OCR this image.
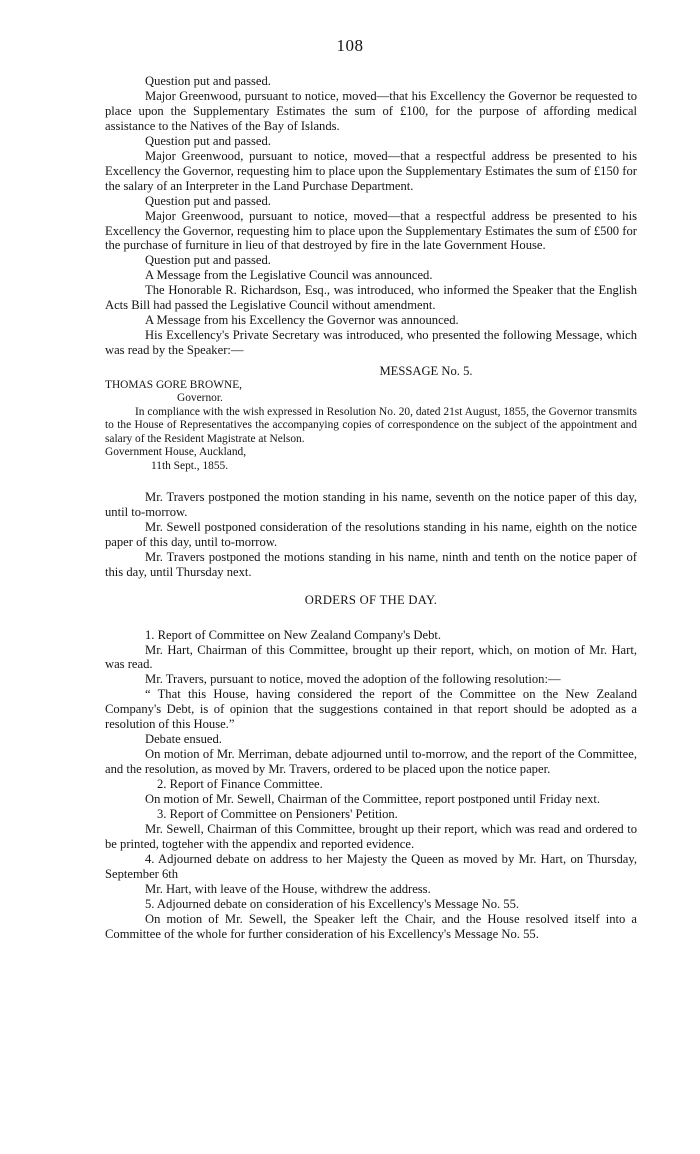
108

Question put and passed.

Major Greenwood, pursuant to notice, moved—that his Excellency the Governor be requested to place upon the Supplementary Estimates the sum of £100, for the purpose of affording medical assistance to the Natives of the Bay of Islands.

Question put and passed.

Major Greenwood, pursuant to notice, moved—that a respectful address be presented to his Excellency the Governor, requesting him to place upon the Supplementary Estimates the sum of £150 for the salary of an Interpreter in the Land Purchase Department.

Question put and passed.

Major Greenwood, pursuant to notice, moved—that a respectful address be presented to his Excellency the Governor, requesting him to place upon the Supplementary Estimates the sum of £500 for the purchase of furniture in lieu of that destroyed by fire in the late Government House.

Question put and passed.

A Message from the Legislative Council was announced.

The Honorable R. Richardson, Esq., was introduced, who informed the Speaker that the English Acts Bill had passed the Legislative Council without amendment.

A Message from his Excellency the Governor was announced.

His Excellency's Private Secretary was introduced, who presented the following Message, which was read by the Speaker:—

MESSAGE No. 5.

THOMAS GORE BROWNE,

Governor.

In compliance with the wish expressed in Resolution No. 20, dated 21st August, 1855, the Governor transmits to the House of Representatives the accompanying copies of correspondence on the subject of the appointment and salary of the Resident Magistrate at Nelson.

Government House, Auckland,

11th Sept., 1855.

Mr. Travers postponed the motion standing in his name, seventh on the notice paper of this day, until to-morrow.

Mr. Sewell postponed consideration of the resolutions standing in his name, eighth on the notice paper of this day, until to-morrow.

Mr. Travers postponed the motions standing in his name, ninth and tenth on the notice paper of this day, until Thursday next.

ORDERS OF THE DAY.

1. Report of Committee on New Zealand Company's Debt.

Mr. Hart, Chairman of this Committee, brought up their report, which, on motion of Mr. Hart, was read.

Mr. Travers, pursuant to notice, moved the adoption of the following resolution:—

“ That this House, having considered the report of the Committee on the New Zealand Company's Debt, is of opinion that the suggestions contained in that report should be adopted as a resolution of this House.”

Debate ensued.

On motion of Mr. Merriman, debate adjourned until to-morrow, and the report of the Committee, and the resolution, as moved by Mr. Travers, ordered to be placed upon the notice paper.

2. Report of Finance Committee.

On motion of Mr. Sewell, Chairman of the Committee, report postponed until Friday next.

3. Report of Committee on Pensioners' Petition.

Mr. Sewell, Chairman of this Committee, brought up their report, which was read and ordered to be printed, togteher with the appendix and reported evidence.

4. Adjourned debate on address to her Majesty the Queen as moved by Mr. Hart, on Thursday, September 6th

Mr. Hart, with leave of the House, withdrew the address.

5. Adjourned debate on consideration of his Excellency's Message No. 55.

On motion of Mr. Sewell, the Speaker left the Chair, and the House resolved itself into a Committee of the whole for further consideration of his Excellency's Message No. 55.
